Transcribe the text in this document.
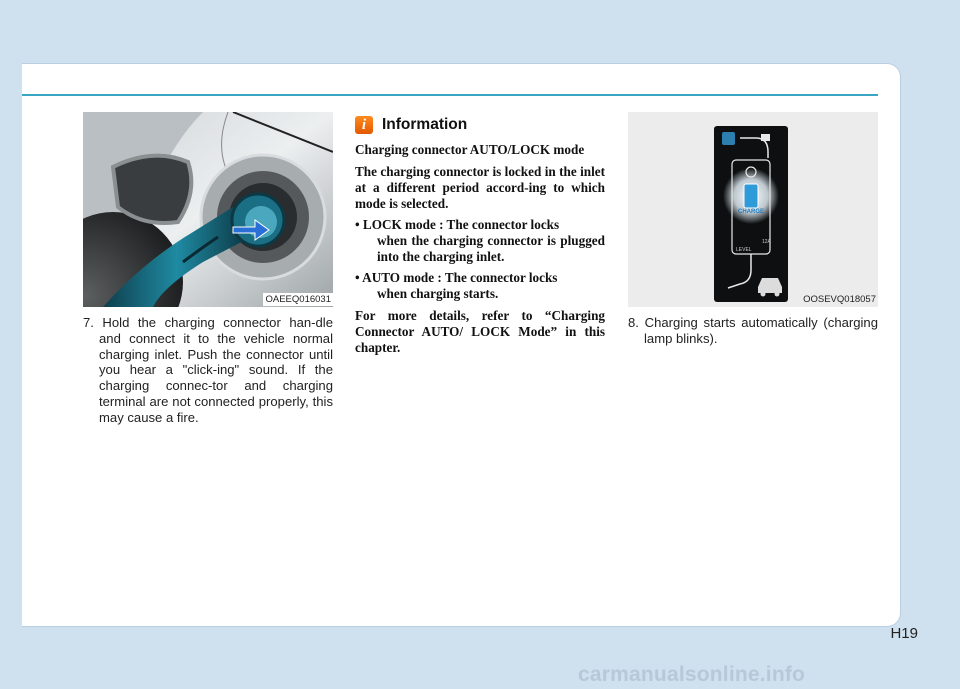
OAEEQ016031
7. Hold the charging connector han-dle and connect it to the vehicle normal charging inlet. Push the connector until you hear a "click-ing" sound. If the charging connec-tor and charging terminal are not connected properly, this may cause a fire.
i	Information

Charging connector AUTO/LOCK mode

The charging connector is locked in the inlet at a different period accord-ing to which mode is selected.

• LOCK mode : The connector locks
when the charging connector is plugged into the charging inlet.

• AUTO mode : The connector locks
when charging starts.

For more details, refer to “Charging Connector AUTO/ LOCK Mode” in this chapter.

CHARGE
12A
LEVEL
OOSEVQ018057
8. Charging starts automatically (charging lamp blinks).
H19
carmanualsonline.info
